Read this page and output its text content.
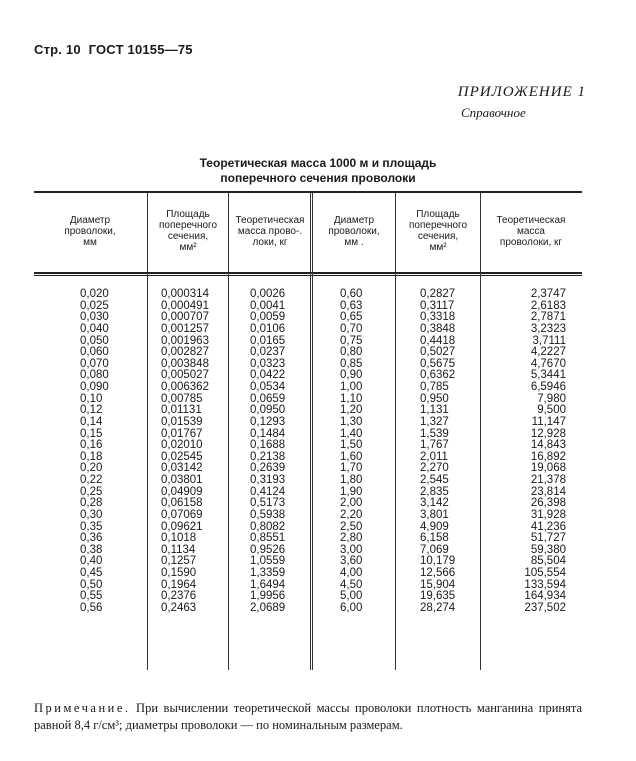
Стр. 10 ГОСТ 10155—75
ПРИЛОЖЕНИЕ 1
Справочное
Теоретическая масса 1000 м и площадь
поперечного сечения проволоки
Диаметр
проволоки,
мм
Площадь
поперечного
сечения,
мм²
Теоретическая
масса прово-.
локи, кг
Диаметр
проволоки,
мм .
Площадь
поперечного
сечения,
мм²
Теоретическая
масса
проволоки, кг
0,020
0,025
0,030
0,040
0,050
0,060
0,070
0,080
0,090
0,10
0,12
0,14
0,15
0,16
0,18
0,20
0,22
0,25
0,28
0,30
0,35
0,36
0,38
0,40
0,45
0,50
0,55
0,56
0,000314
0,000491
0,000707
0,001257
0,001963
0,002827
0,003848
0,005027
0,006362
0,00785
0,01131
0,01539
0,01767
0,02010
0,02545
0,03142
0,03801
0,04909
0,06158
0,07069
0,09621
0,1018
0,1134
0,1257
0,1590
0,1964
0,2376
0,2463
0,0026
0,0041
0,0059
0,0106
0,0165
0,0237
0,0323
0,0422
0,0534
0,0659
0,0950
0,1293
0,1484
0,1688
0,2138
0,2639
0,3193
0,4124
0,5173
0,5938
0,8082
0,8551
0,9526
1,0559
1,3359
1,6494
1,9956
2,0689
0,60
0,63
0,65
0,70
0,75
0,80
0,85
0,90
1,00
1,10
1,20
1,30
1,40
1,50
1,60
1,70
1,80
1,90
2,00
2,20
2,50
2,80
3,00
3,60
4,00
4,50
5,00
6,00
0,2827
0,3117
0,3318
0,3848
0,4418
0,5027
0,5675
0,6362
0,785
0,950
1,131
1,327
1,539
1,767
2,011
2,270
2,545
2,835
3,142
3,801
4,909
6,158
7,069
10,179
12,566
15,904
19,635
28,274
2,3747
2,6183
2,7871
3,2323
3,7111
4,2227
4,7670
5,3441
6,5946
7,980
9,500
11,147
12,928
14,843
16,892
19,068
21,378
23,814
26,398
31,928
41,236
51,727
59,380
85,504
105,554
133,594
164,934
237,502
Примечание. При вычислении теоретической массы проволоки плотность манганина принята равной 8,4 г/см³; диаметры проволоки — по номинальным размерам.
